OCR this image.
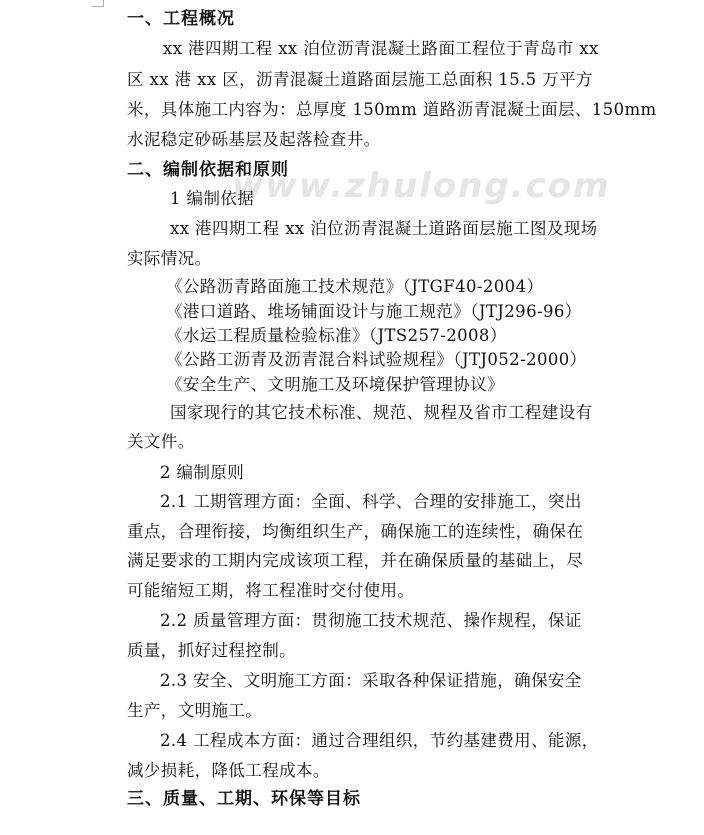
www.zhulong.com
一、工程概况
xx 港四期工程 xx 泊位沥青混凝土路面工程位于青岛市 xx
区 xx 港 xx 区，沥青混凝土道路面层施工总面积 15.5 万平方
米，具体施工内容为：总厚度 150mm 道路沥青混凝土面层、150mm
水泥稳定砂砾基层及起落检查井。
二、编制依据和原则
1 编制依据
xx 港四期工程 xx 泊位沥青混凝土道路面层施工图及现场
实际情况。
《公路沥青路面施工技术规范》（JTGF40-2004）
《港口道路、堆场铺面设计与施工规范》（JTJ296-96）
《水运工程质量检验标准》（JTS257-2008）
《公路工沥青及沥青混合料试验规程》（JTJ052-2000）
《安全生产、文明施工及环境保护管理协议》
国家现行的其它技术标准、规范、规程及省市工程建设有
关文件。
2 编制原则
2.1 工期管理方面：全面、科学、合理的安排施工，突出
重点，合理衔接，均衡组织生产，确保施工的连续性，确保在
满足要求的工期内完成该项工程，并在确保质量的基础上，尽
可能缩短工期，将工程准时交付使用。
2.2 质量管理方面：贯彻施工技术规范、操作规程，保证
质量，抓好过程控制。
2.3 安全、文明施工方面：采取各种保证措施，确保安全
生产，文明施工。
2.4 工程成本方面：通过合理组织，节约基建费用、能源，
减少损耗，降低工程成本。
三、质量、工期、环保等目标
